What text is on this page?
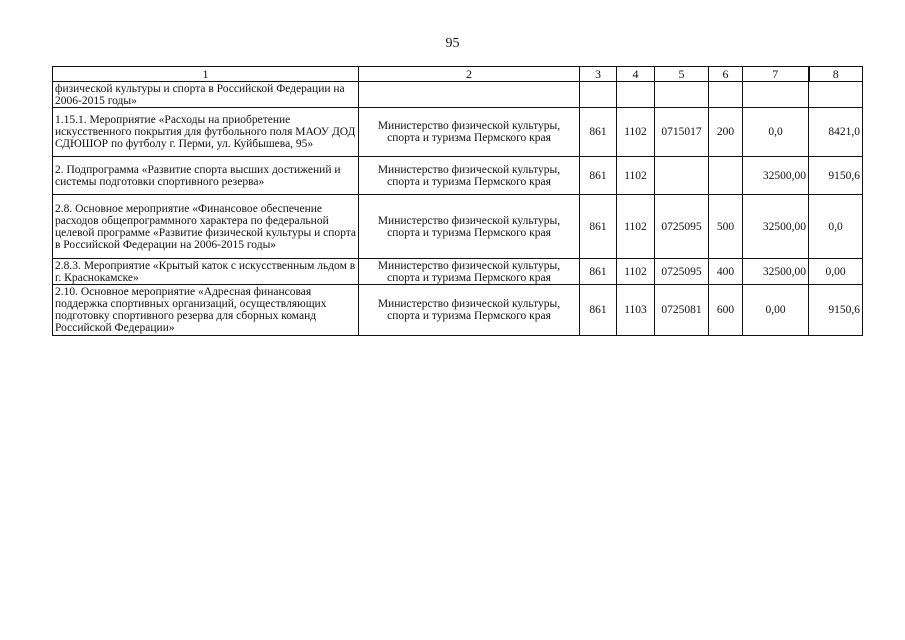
95
1	2	3	4	5	6	7	8
физической культуры и спорта в Российской Федерации на 2006-2015 годы»							
1.15.1. Мероприятие «Расходы на приобретение искусственного покрытия для футбольного поля МАОУ ДОД СДЮШОР по футболу г. Перми, ул. Куйбышева, 95»	Министерство физической культуры, спорта и туризма Пермского края	861	1102	0715017	200	0,0	8421,0
2. Подпрограмма «Развитие спорта высших достижений и системы подготовки спортивного резерва»	Министерство физической культуры, спорта и туризма Пермского края	861	1102			32500,00	9150,6
2.8. Основное мероприятие «Финансовое обеспечение расходов общепрограммного характера по федеральной целевой программе «Развитие физической культуры и спорта в Российской Федерации на 2006-2015 годы»	Министерство физической культуры, спорта и туризма Пермского края	861	1102	0725095	500	32500,00	0,0
2.8.3. Мероприятие «Крытый каток с искусственным льдом в г. Краснокамске»	Министерство физической культуры, спорта и туризма Пермского края	861	1102	0725095	400	32500,00	0,00
2.10. Основное мероприятие «Адресная финансовая поддержка спортивных организаций, осуществляющих подготовку спортивного резерва для сборных команд Российской Федерации»	Министерство физической культуры, спорта и туризма Пермского края	861	1103	0725081	600	0,00	9150,6
